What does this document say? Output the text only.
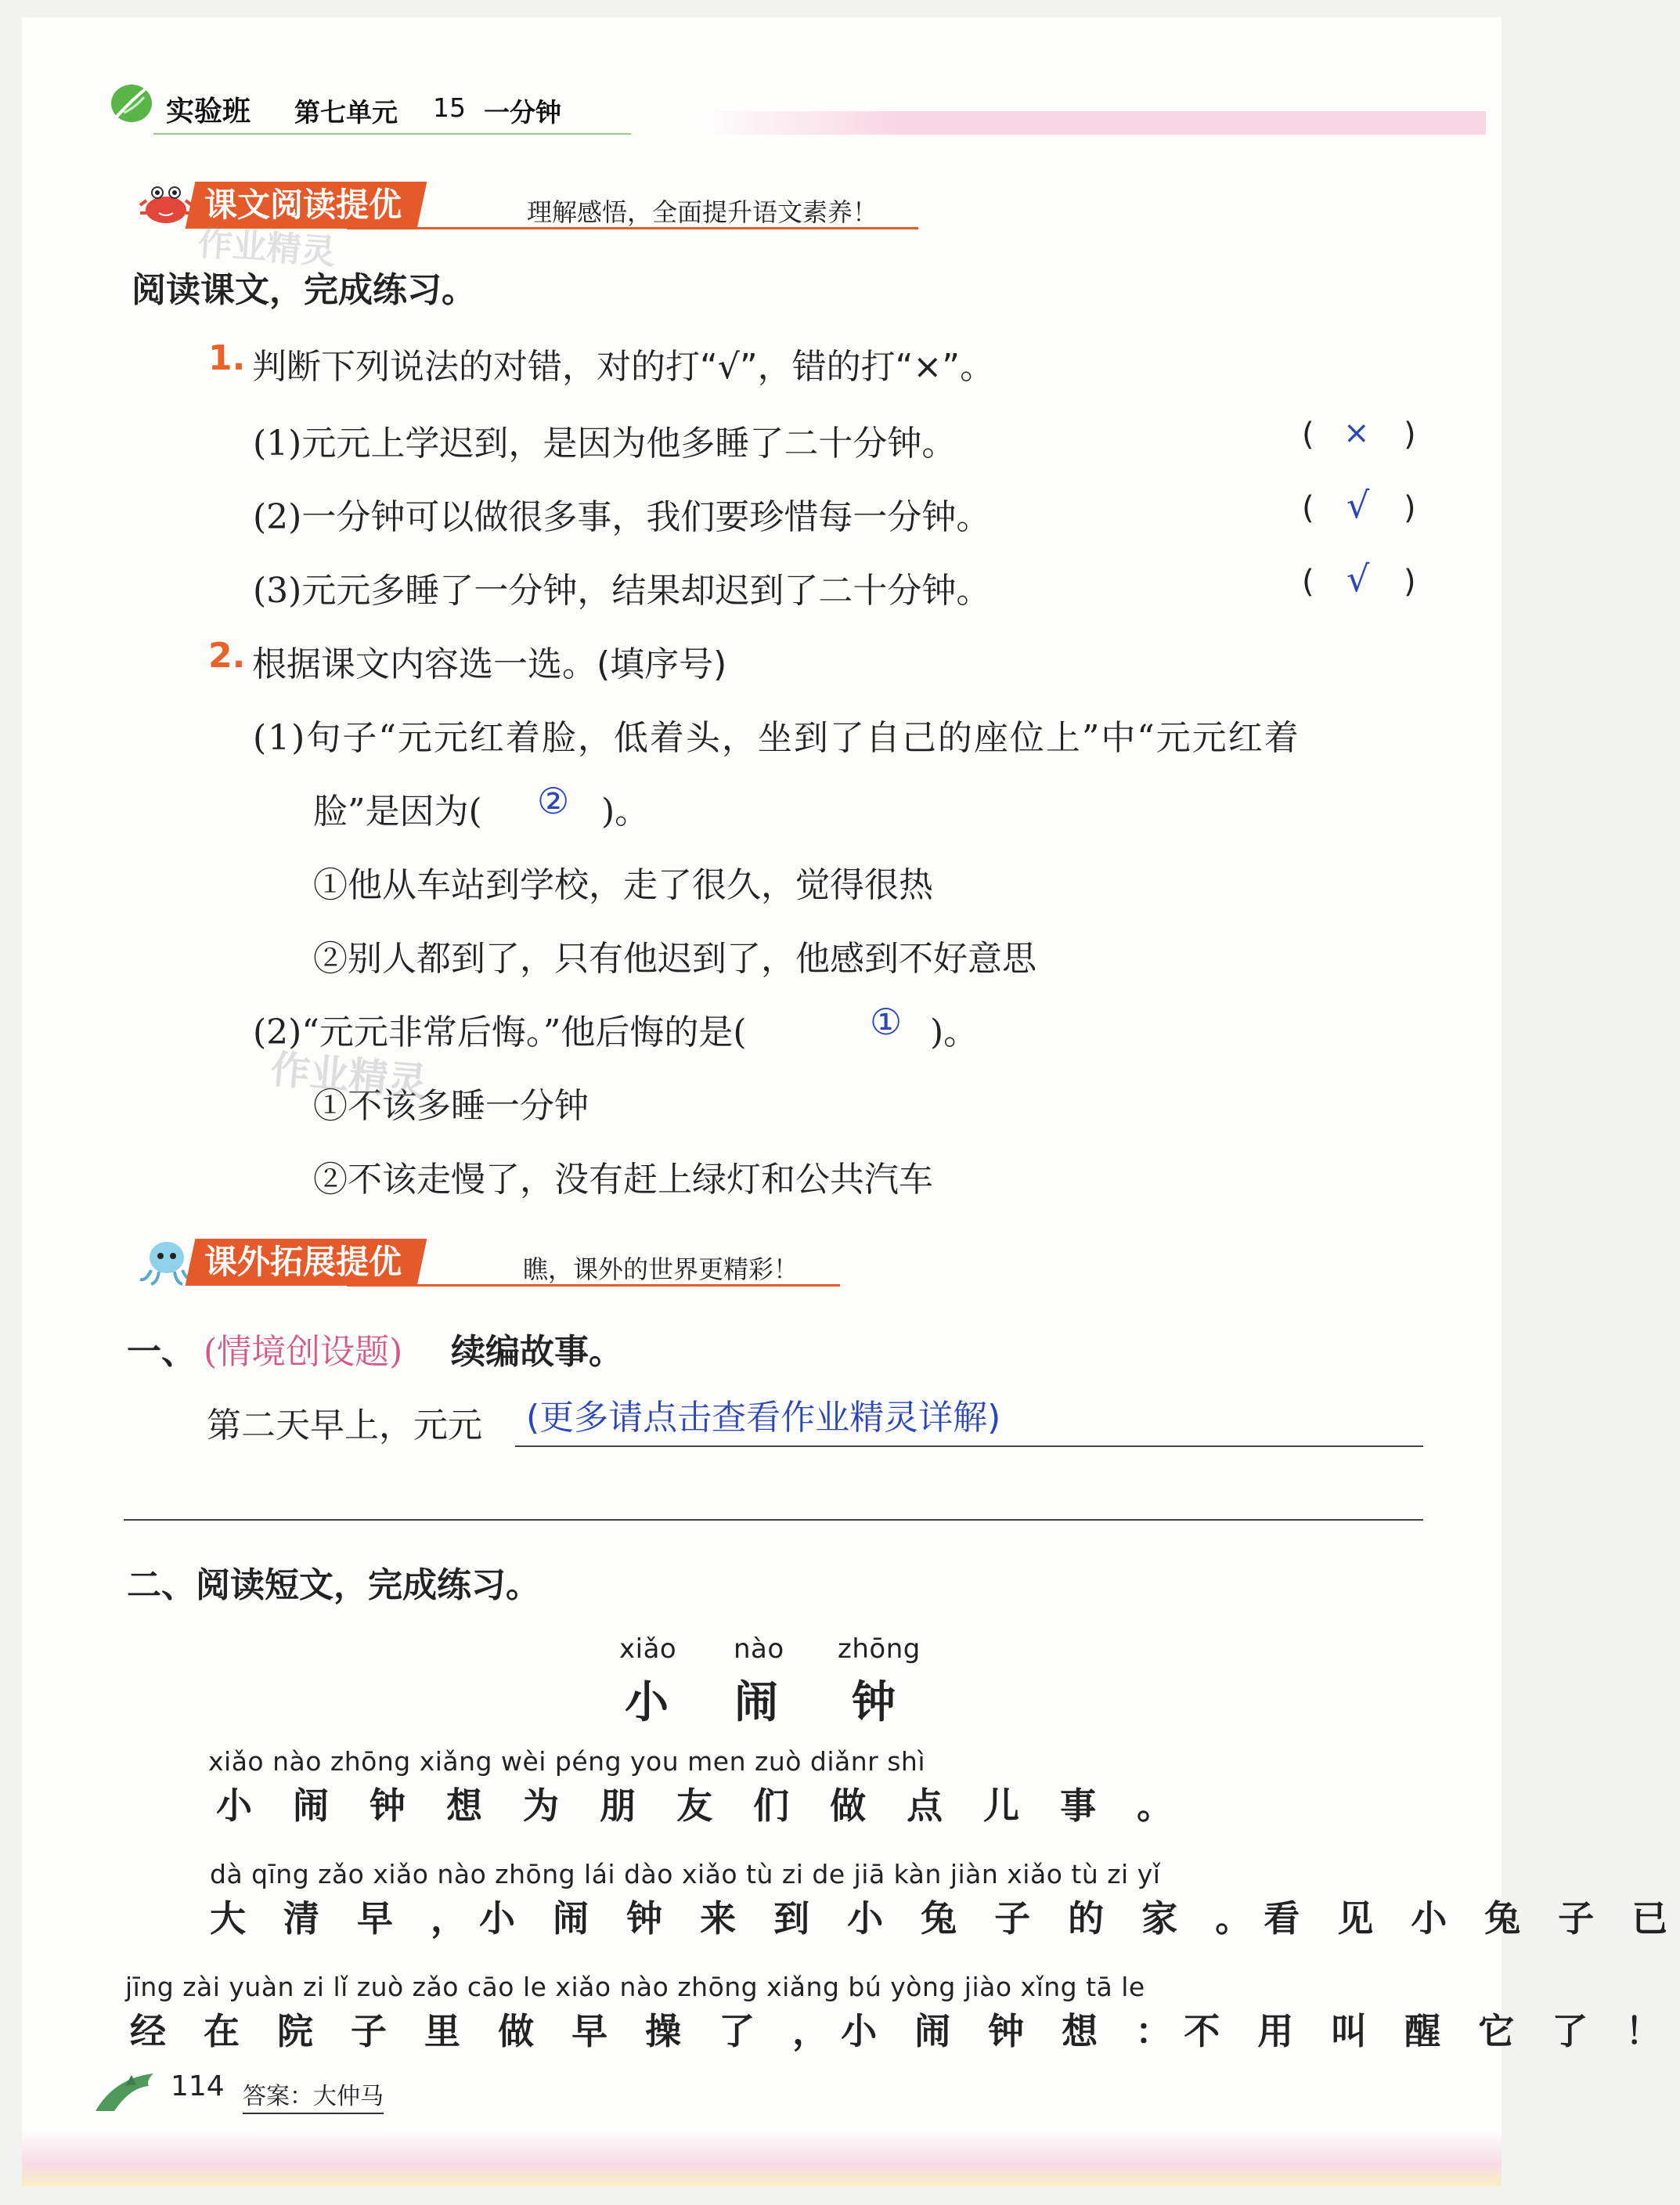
实验班 第七单元 15 一分钟
课文阅读提优	理解感悟，全面提升语文素养！
作业精灵
阅读课文，完成练习。
1. 判断下列说法的对错，对的打“√”，错的打“×”。
(1)元元上学迟到，是因为他多睡了二十分钟。	( × )
(2)一分钟可以做很多事，我们要珍惜每一分钟。	( √ )
(3)元元多睡了一分钟，结果却迟到了二十分钟。	( √ )
2. 根据课文内容选一选。(填序号)
(1)句子“元元红着脸，低着头，坐到了自己的座位上”中“元元红着
脸”是因为( ② )。
①他从车站到学校，走了很久，觉得很热
②别人都到了，只有他迟到了，他感到不好意思
(2)“元元非常后悔。”他后悔的是(	① )。
①不该多睡一分钟
②不该走慢了，没有赶上绿灯和公共汽车
作业精灵
课外拓展提优	瞧，课外的世界更精彩！
一、 (情境创设题) 续编故事。
第二天早上，元元 (更多请点击查看作业精灵详解)
二、阅读短文，完成练习。
xiǎo nào zhōng
小 闹 钟
xiǎo nào zhōng xiǎng wèi péng you men zuò diǎnr shì
小 闹 钟 想 为 朋 友 们 做 点 儿 事 。
dà qīng zǎo xiǎo nào zhōng lái dào xiǎo tù zi de jiā kàn jiàn xiǎo tù zi yǐ
大 清 早 ，小 闹 钟 来 到 小 兔 子 的 家 。看 见 小 兔 子 已
jīng zài yuàn zi lǐ zuò zǎo cāo le xiǎo nào zhōng xiǎng bú yòng jiào xǐng tā le
经 在 院 子 里 做 早 操 了 ，小 闹 钟 想 ：不 用 叫 醒 它 了 ！
114 答案：大仲马
